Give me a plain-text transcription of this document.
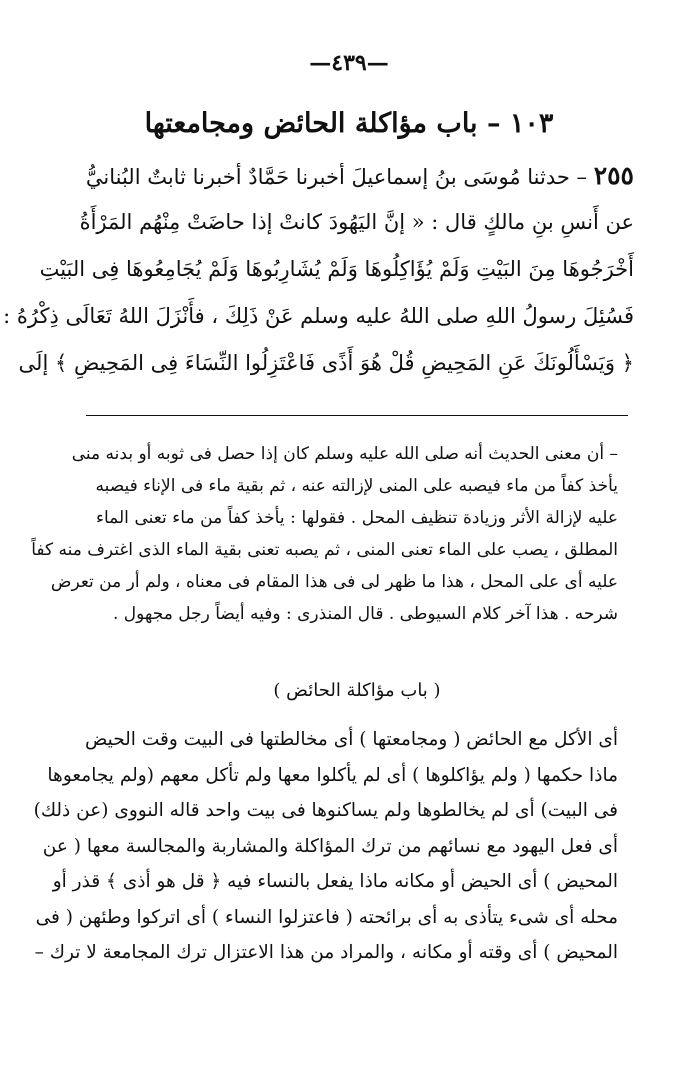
—٤٣٩—
١٠٣ – باب مؤاكلة الحائض ومجامعتها
٢٥٥ – حدثنا مُوسَى بنُ إسماعيلَ أخبرنا حَمَّادٌ أخبرنا ثابتٌ البُنانيُّ
عن أَنسِ بنِ مالكٍ قال : « إنَّ اليَهُودَ كانتْ إذا حاضَتْ مِنْهُم المَرْأَةُ
أَخْرَجُوهَا مِنَ البَيْتِ وَلَمْ يُؤَاكِلُوهَا وَلَمْ يُشَارِبُوهَا وَلَمْ يُجَامِعُوهَا فِى البَيْتِ
فَسُئِلَ رسولُ اللهِ صلى اللهُ عليه وسلم عَنْ ذَلِكَ ، فأَنْزَلَ اللهُ تَعَالَى ذِكْرُهُ :
﴿ وَيَسْأَلُونَكَ عَنِ المَحِيضِ قُلْ هُوَ أَذًى فَاعْتَزِلُوا النِّسَاءَ فِى المَحِيضِ ﴾ إلَى
– أن معنى الحديث أنه صلى الله عليه وسلم كان إذا حصل فى ثوبه أو بدنه منى
يأخذ كفاً من ماء فيصبه على المنى لإزالته عنه ، ثم بقية ماء فى الإناء فيصبه
عليه لإزالة الأثر وزيادة تنظيف المحل . فقولها : يأخذ كفاً من ماء تعنى الماء
المطلق ، يصب على الماء تعنى المنى ، ثم يصبه تعنى بقية الماء الذى اغترف منه كفاً
عليه أى على المحل ، هذا ما ظهر لى فى هذا المقام فى معناه ، ولم أر من تعرض
شرحه . هذا آخر كلام السيوطى . قال المنذرى : وفيه أيضاً رجل مجهول .
( باب مؤاكلة الحائض )
أى الأكل مع الحائض ( ومجامعتها ) أى مخالطتها فى البيت وقت الحيض
ماذا حكمها ( ولم يؤاكلوها ) أى لم يأكلوا معها ولم تأكل معهم (ولم يجامعوها
فى البيت) أى لم يخالطوها ولم يساكنوها فى بيت واحد قاله النووى (عن ذلك)
أى فعل اليهود مع نسائهم من ترك المؤاكلة والمشاربة والمجالسة معها ( عن
المحيض ) أى الحيض أو مكانه ماذا يفعل بالنساء فيه ﴿ قل هو أذى ﴾ قذر أو
محله أى شىء يتأذى به أى برائحته ( فاعتزلوا النساء ) أى اتركوا وطئهن ( فى
المحيض ) أى وقته أو مكانه ، والمراد من هذا الاعتزال ترك المجامعة لا ترك –
